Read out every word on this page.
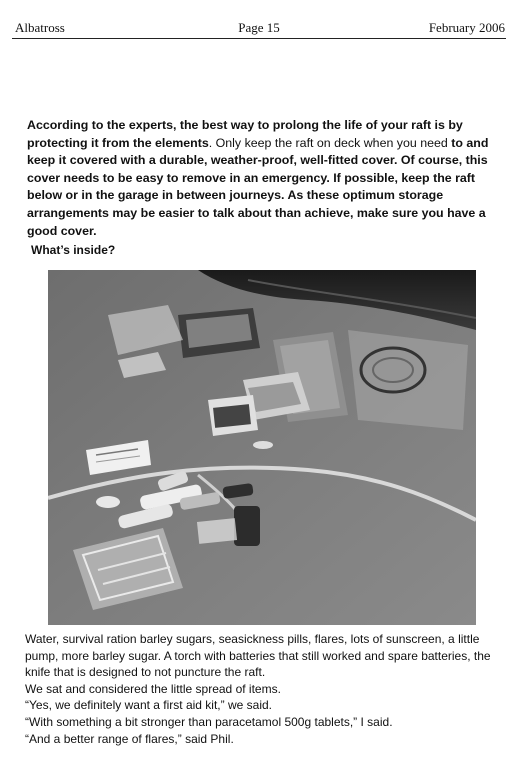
Albatross	Page 15	February 2006

According to the experts, the best way to prolong the life of your raft is by protecting it from the elements. Only keep the raft on deck when you need to and keep it covered with a durable, weather-proof, well-fitted cover. Of course, this cover needs to be easy to remove in an emergency. If possible, keep the raft below or in the garage in between journeys. As these optimum storage arrangements may be easier to talk about than achieve, make sure you have a good cover.

What’s inside?

Water, survival ration barley sugars, seasickness pills, flares, lots of sunscreen, a little pump, more barley sugar. A torch with batteries that still worked and spare batteries, the knife that is designed to not puncture the raft.

We sat and considered the little spread of items.

“Yes, we definitely want a first aid kit,” we said.

“With something a bit stronger than paracetamol 500g tablets,” I said.

“And a better range of flares,” said Phil.
